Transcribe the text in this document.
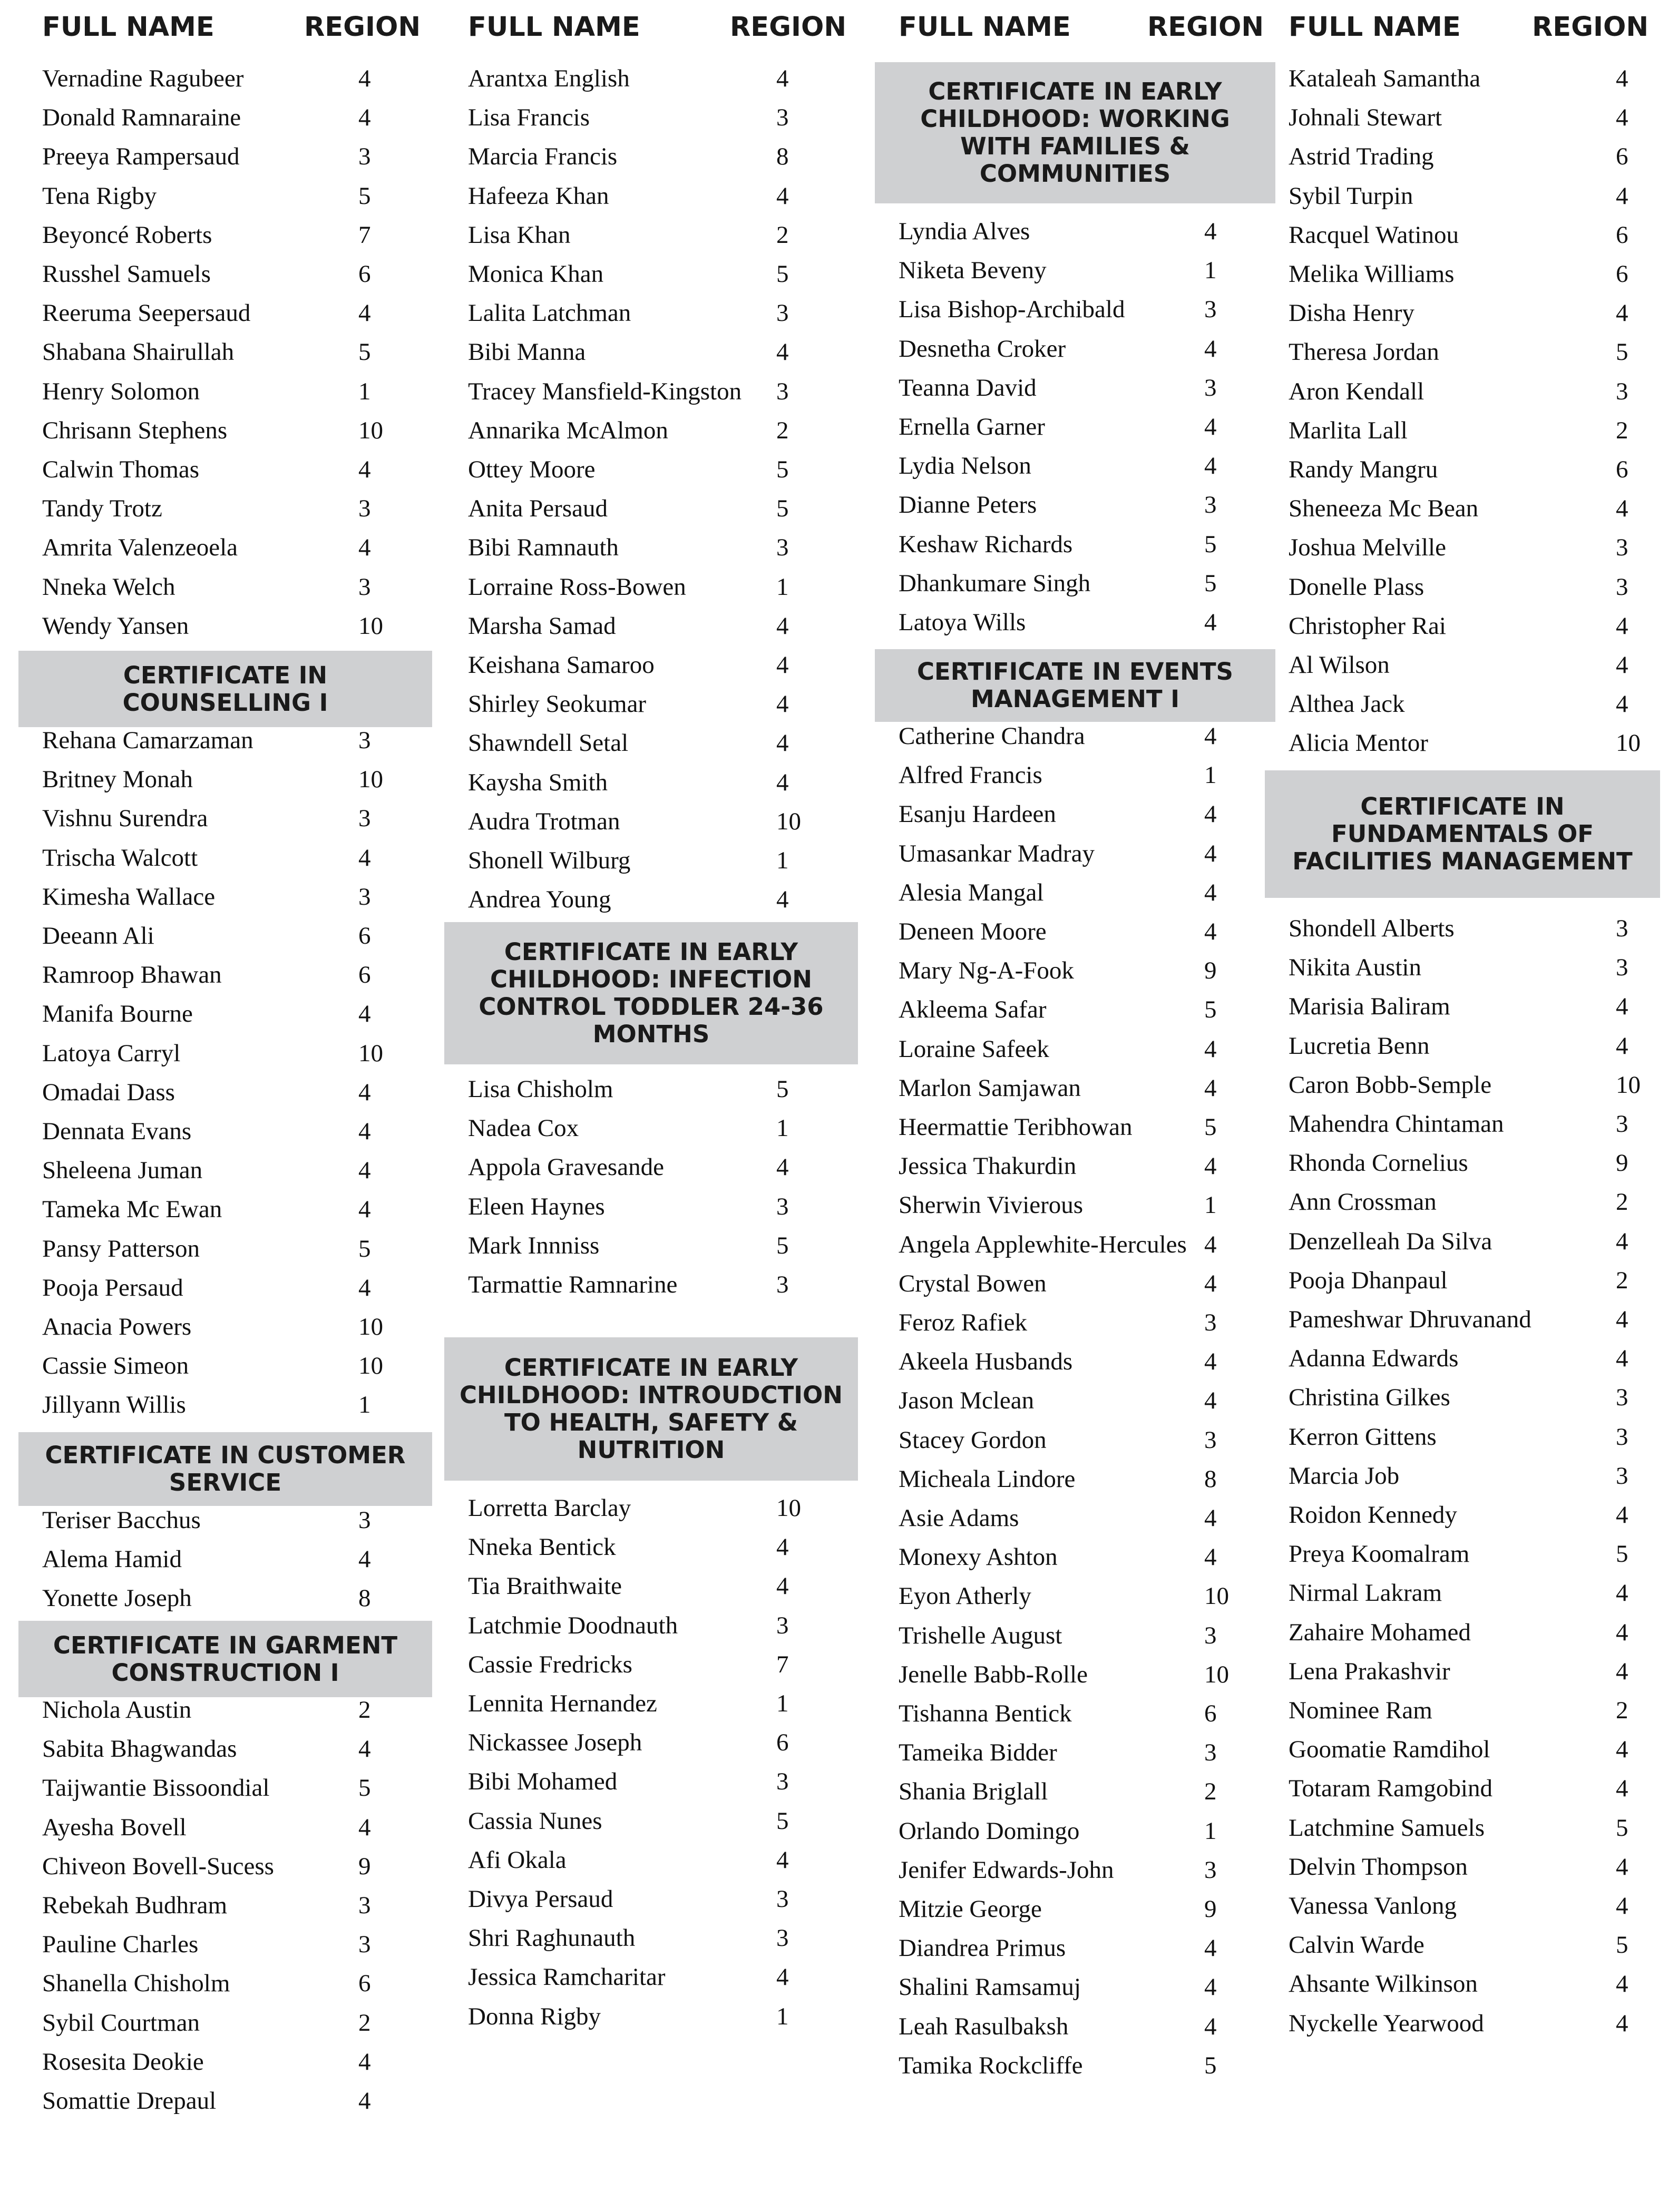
FULL NAME	REGION
Vernadine Ragubeer	4
Donald Ramnaraine	4
Preeya Rampersaud	3
Tena Rigby	5
Beyoncé Roberts	7
Russhel Samuels	6
Reeruma Seepersaud	4
Shabana Shairullah	5
Henry Solomon	1
Chrisann Stephens	10
Calwin Thomas	4
Tandy Trotz	3
Amrita Valenzeoela	4
Nneka Welch	3
Wendy Yansen	10
CERTIFICATE IN COUNSELLING I
Rehana Camarzaman	3
Britney Monah	10
Vishnu Surendra	3
Trischa Walcott	4
Kimesha Wallace	3
Deeann Ali	6
Ramroop Bhawan	6
Manifa Bourne	4
Latoya Carryl	10
Omadai Dass	4
Dennata Evans	4
Sheleena Juman	4
Tameka Mc Ewan	4
Pansy Patterson	5
Pooja Persaud	4
Anacia Powers	10
Cassie Simeon	10
Jillyann Willis	1
CERTIFICATE IN CUSTOMER SERVICE
Teriser Bacchus	3
Alema Hamid	4
Yonette Joseph	8
CERTIFICATE IN GARMENT CONSTRUCTION I
Nichola Austin	2
Sabita Bhagwandas	4
Taijwantie Bissoondial	5
Ayesha Bovell	4
Chiveon Bovell-Sucess	9
Rebekah Budhram	3
Pauline Charles	3
Shanella Chisholm	6
Sybil Courtman	2
Rosesita Deokie	4
Somattie Drepaul	4
FULL NAME	REGION
Arantxa English	4
Lisa Francis	3
Marcia Francis	8
Hafeeza Khan	4
Lisa Khan	2
Monica Khan	5
Lalita Latchman	3
Bibi Manna	4
Tracey Mansfield-Kingston 3
Annarika McAlmon	2
Ottey Moore	5
Anita Persaud	5
Bibi Ramnauth	3
Lorraine Ross-Bowen	1
Marsha Samad	4
Keishana Samaroo	4
Shirley Seokumar	4
Shawndell Setal	4
Kaysha Smith	4
Audra Trotman	10
Shonell Wilburg	1
Andrea Young	4
CERTIFICATE IN EARLY CHILDHOOD: INFECTION CONTROL TODDLER 24-36 MONTHS
Lisa Chisholm	5
Nadea Cox	1
Appola Gravesande	4
Eleen Haynes	3
Mark Innniss	5
Tarmattie Ramnarine	3
CERTIFICATE IN EARLY CHILDHOOD: INTROUDCTION TO HEALTH, SAFETY & NUTRITION
Lorretta Barclay	10
Nneka Bentick	4
Tia Braithwaite	4
Latchmie Doodnauth	3
Cassie Fredricks	7
Lennita Hernandez	1
Nickassee Joseph	6
Bibi Mohamed	3
Cassia Nunes	5
Afi Okala	4
Divya Persaud	3
Shri Raghunauth	3
Jessica Ramcharitar	4
Donna Rigby	1
FULL NAME	REGION
CERTIFICATE IN EARLY CHILDHOOD: WORKING WITH FAMILIES & COMMUNITIES
Lyndia Alves	4
Niketa Beveny	1
Lisa Bishop-Archibald	3
Desnetha Croker	4
Teanna David	3
Ernella Garner	4
Lydia Nelson	4
Dianne Peters	3
Keshaw Richards	5
Dhankumare Singh	5
Latoya Wills	4
CERTIFICATE IN EVENTS MANAGEMENT I
Catherine Chandra	4
Alfred Francis	1
Esanju Hardeen	4
Umasankar Madray	4
Alesia Mangal	4
Deneen Moore	4
Mary Ng-A-Fook	9
Akleema Safar	5
Loraine Safeek	4
Marlon Samjawan	4
Heermattie Teribhowan	5
Jessica Thakurdin	4
Sherwin Vivierous	1
Angela Applewhite-Hercules 4
Crystal Bowen	4
Feroz Rafiek	3
Akeela Husbands	4
Jason Mclean	4
Stacey Gordon	3
Micheala Lindore	8
Asie Adams	4
Monexy Ashton	4
Eyon Atherly	10
Trishelle August	3
Jenelle Babb-Rolle	10
Tishanna Bentick	6
Tameika Bidder	3
Shania Briglall	2
Orlando Domingo	1
Jenifer Edwards-John	3
Mitzie George	9
Diandrea Primus	4
Shalini Ramsamuj	4
Leah Rasulbaksh	4
Tamika Rockcliffe	5
FULL NAME	REGION
Kataleah Samantha	4
Johnali Stewart	4
Astrid Trading	6
Sybil Turpin	4
Racquel Watinou	6
Melika Williams	6
Disha Henry	4
Theresa Jordan	5
Aron Kendall	3
Marlita Lall	2
Randy Mangru	6
Sheneeza Mc Bean	4
Joshua Melville	3
Donelle Plass	3
Christopher Rai	4
Al Wilson	4
Althea Jack	4
Alicia Mentor	10
CERTIFICATE IN FUNDAMENTALS OF FACILITIES MANAGEMENT
Shondell Alberts	3
Nikita Austin	3
Marisia Baliram	4
Lucretia Benn	4
Caron Bobb-Semple	10
Mahendra Chintaman	3
Rhonda Cornelius	9
Ann Crossman	2
Denzelleah Da Silva	4
Pooja Dhanpaul	2
Pameshwar Dhruvanand	4
Adanna Edwards	4
Christina Gilkes	3
Kerron Gittens	3
Marcia Job	3
Roidon Kennedy	4
Preya Koomalram	5
Nirmal Lakram	4
Zahaire Mohamed	4
Lena Prakashvir	4
Nominee Ram	2
Goomatie Ramdihol	4
Totaram Ramgobind	4
Latchmine Samuels	5
Delvin Thompson	4
Vanessa Vanlong	4
Calvin Warde	5
Ahsante Wilkinson	4
Nyckelle Yearwood	4
